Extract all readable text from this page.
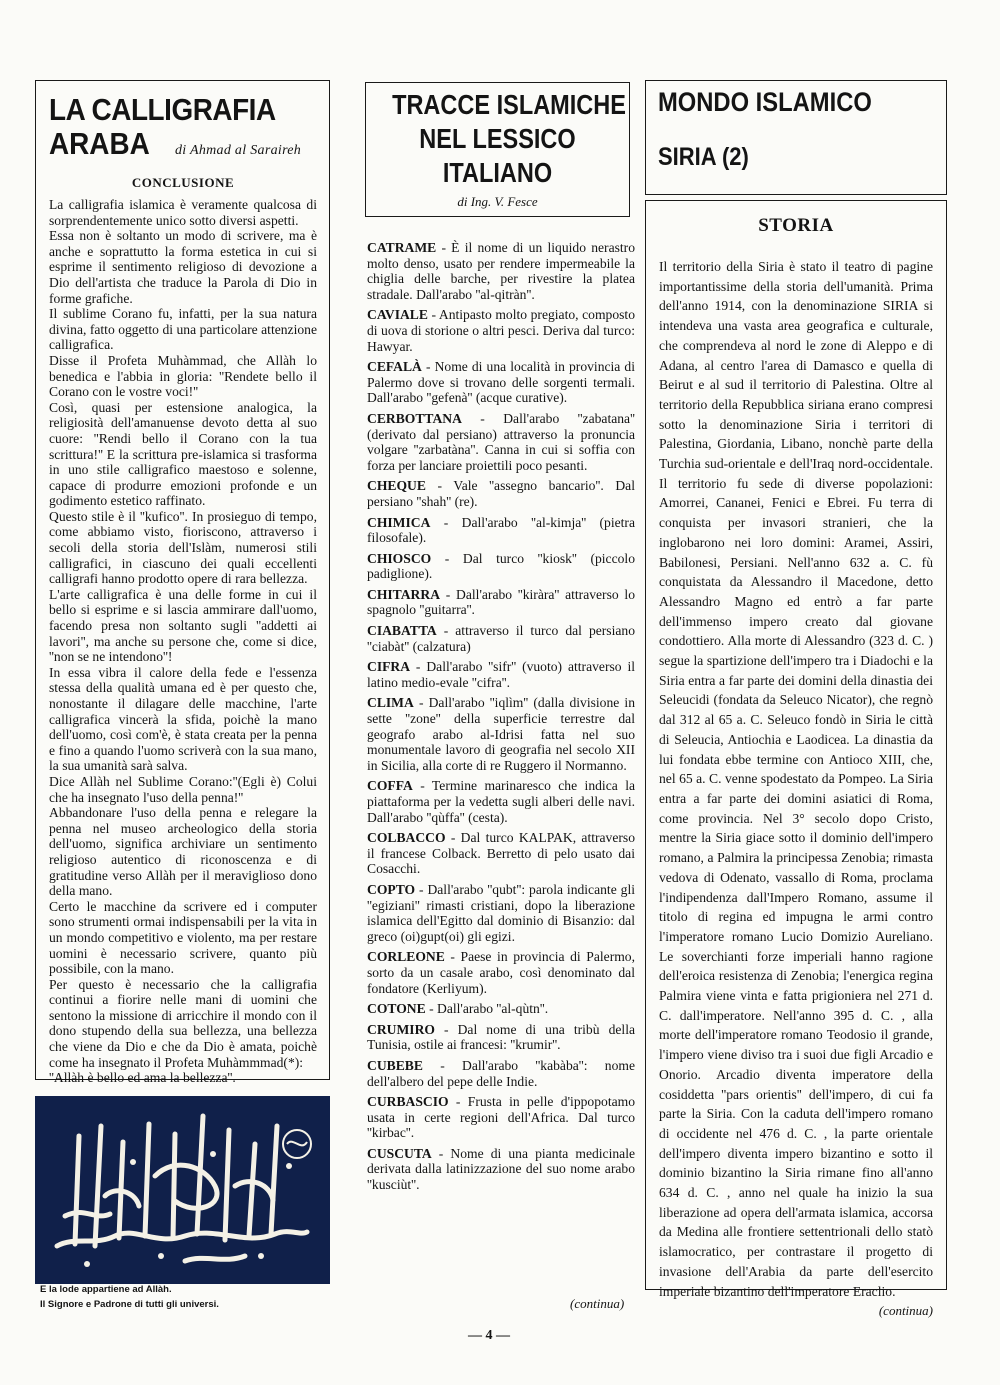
LA CALLIGRAFIA
ARABA di Ahmad al Saraireh
CONCLUSIONE

La calligrafia islamica è veramente qualcosa di sorprendentemente unico sotto diversi aspetti.

Essa non è soltanto un modo di scrivere, ma è anche e soprattutto la forma estetica in cui si esprime il sentimento religioso di devozione a Dio dell'artista che traduce la Parola di Dio in forme grafiche.

Il sublime Corano fu, infatti, per la sua natura divina, fatto oggetto di una particolare attenzione calligrafica.

Disse il Profeta Muhàmmad, che Allàh lo benedica e l'abbia in gloria: ''Rendete bello il Corano con le vostre voci!''

Così, quasi per estensione analogica, la religiosità dell'amanuense devoto detta al suo cuore: ''Rendi bello il Corano con la tua scrittura!'' E la scrittura pre-islamica si trasforma in uno stile calligrafico maestoso e solenne, capace di produrre emozioni profonde e un godimento estetico raffinato.

Questo stile è il ''kufico''. In prosieguo di tempo, come abbiamo visto, fioriscono, attraverso i secoli della storia dell'Islàm, numerosi stili calligrafici, in ciascuno dei quali eccellenti calligrafi hanno prodotto opere di rara bellezza.

L'arte calligrafica è una delle forme in cui il bello si esprime e si lascia ammirare dall'uomo, facendo presa non soltanto sugli ''addetti ai lavori'', ma anche su persone che, come si dice, ''non se ne intendono''!

In essa vibra il calore della fede e l'essenza stessa della qualità umana ed è per questo che, nonostante il dilagare delle macchine, l'arte calligrafica vincerà la sfida, poichè la mano dell'uomo, così com'è, è stata creata per la penna e fino a quando l'uomo scriverà con la sua mano, la sua umanità sarà salva.

Dice Allàh nel Sublime Corano:''(Egli è) Colui che ha insegnato l'uso della penna!''

Abbandonare l'uso della penna e relegare la penna nel museo archeologico della storia dell'uomo, significa archiviare un sentimento religioso autentico di riconoscenza e di gratitudine verso Allàh per il meraviglioso dono della mano.

Certo le macchine da scrivere ed i computer sono strumenti ormai indispensabili per la vita in un mondo competitivo e violento, ma per restare uomini è necessario scrivere, quanto più possibile, con la mano.

Per questo è necessario che la calligrafia continui a fiorire nelle mani di uomini che sentono la missione di arricchire il mondo con il dono stupendo della sua bellezza, una bellezza che viene da Dio e che da Dio è amata, poichè come ha insegnato il Profeta Muhàmmmad(*):

''Allàh è bello ed ama la bellezza''.

E la lode appartiene ad Allàh.
Il Signore e Padrone di tutti gli universi.
TRACCE ISLAMICHE
NEL LESSICO
ITALIANO
di Ing. V. Fesce

CATRAME - È il nome di un liquido nerastro molto denso, usato per rendere impermeabile la chiglia delle barche, per rivestire la platea stradale. Dall'arabo ''al-qitràn''.

CAVIALE - Antipasto molto pregiato, composto di uova di storione o altri pesci. Deriva dal turco: Hawyar.

CEFALÀ - Nome di una località in provincia di Palermo dove si trovano delle sorgenti termali. Dall'arabo ''gefenà'' (acque curative).

CERBOTTANA - Dall'arabo ''zabatana'' (derivato dal persiano) attraverso la pronuncia volgare ''zarbatàna''. Canna in cui si soffia con forza per lanciare proiettili poco pesanti.

CHEQUE - Vale ''assegno bancario''. Dal persiano ''shah'' (re).

CHIMICA - Dall'arabo ''al-kimja'' (pietra filosofale).

CHIOSCO - Dal turco ''kiosk'' (piccolo padiglione).

CHITARRA - Dall'arabo ''kiràra'' attraverso lo spagnolo ''guitarra''.

CIABATTA - attraverso il turco dal persiano ''ciabàt'' (calzatura)

CIFRA - Dall'arabo ''sifr'' (vuoto) attraverso il latino medio-evale ''cifra''.

CLIMA - Dall'arabo ''iqlìm'' (dalla divisione in sette ''zone'' della superficie terrestre dal geografo arabo al-Idrisi fatta nel suo monumentale lavoro di geografia nel secolo XII in Sicilia, alla corte di re Ruggero il Normanno.

COFFA - Termine marinaresco che indica la piattaforma per la vedetta sugli alberi delle navi. Dall'arabo ''qùffa'' (cesta).

COLBACCO - Dal turco KALPAK, attraverso il francese Colback. Berretto di pelo usato dai Cosacchi.

COPTO - Dall'arabo ''qubt'': parola indicante gli ''egiziani'' rimasti cristiani, dopo la liberazione islamica dell'Egitto dal dominio di Bisanzio: dal greco (oi)gupt(oi) gli egizi.

CORLEONE - Paese in provincia di Palermo, sorto da un casale arabo, così denominato dal fondatore (Kerliyum).

COTONE - Dall'arabo ''al-qùtn''.

CRUMIRO - Dal nome di una tribù della Tunisia, ostile ai francesi: ''krumir''.

CUBEBE - Dall'arabo ''kabàba'': nome dell'albero del pepe delle Indie.

CURBASCIO - Frusta in pelle d'ippopotamo usata in certe regioni dell'Africa. Dal turco ''kirbac''.

CUSCUTA - Nome di una pianta medicinale derivata dalla latinizzazione del suo nome arabo ''kusciùt''.

(continua)
— 4 —
MONDO ISLAMICO
SIRIA (2)
STORIA

Il territorio della Siria è stato il teatro di pagine importantissime della storia dell'umanità. Prima dell'anno 1914, con la denominazione SIRIA si intendeva una vasta area geografica e culturale, che comprendeva al nord le zone di Aleppo e di Adana, al centro l'area di Damasco e quella di Beirut e al sud il territorio di Palestina. Oltre al territorio della Repubblica siriana erano compresi sotto la denominazione Siria i territori di Palestina, Giordania, Libano, nonchè parte della Turchia sud-orientale e dell'Iraq nord-occidentale. Il territorio fu sede di diverse popolazioni: Amorrei, Cananei, Fenici e Ebrei. Fu terra di conquista per invasori stranieri, che la inglobarono nei loro domini: Aramei, Assiri, Babilonesi, Persiani. Nell'anno 632 a. C. fù conquistata da Alessandro il Macedone, detto Alessandro Magno ed entrò a far parte dell'immenso impero creato dal giovane condottiero. Alla morte di Alessandro (323 d. C. ) segue la spartizione dell'impero tra i Diadochi e la Siria entra a far parte dei domini della dinastia dei Seleucidi (fondata da Seleuco Nicator), che regnò dal 312 al 65 a. C. Seleuco fondò in Siria le città di Seleucia, Antiochia e Laodicea. La dinastia da lui fondata ebbe termine con Antioco XIII, che, nel 65 a. C. venne spodestato da Pompeo. La Siria entra a far parte dei domini asiatici di Roma, come provincia. Nel 3° secolo dopo Cristo, mentre la Siria giace sotto il dominio dell'impero romano, a Palmira la principessa Zenobia; rimasta vedova di Odenato, vassallo di Roma, proclama l'indipendenza dall'Impero Romano, assume il titolo di regina ed impugna le armi contro l'imperatore romano Lucio Domizio Aureliano. Le soverchianti forze imperiali hanno ragione dell'eroica resistenza di Zenobia; l'energica regina Palmira viene vinta e fatta prigioniera nel 271 d. C. dall'imperatore. Nell'anno 395 d. C. , alla morte dell'imperatore romano Teodosio il grande, l'impero viene diviso tra i suoi due figli Arcadio e Onorio. Arcadio diventa imperatore della cosiddetta ''pars orientis'' dell'impero, di cui fa parte la Siria. Con la caduta dell'impero romano di occidente nel 476 d. C. , la parte orientale dell'impero diventa impero bizantino e sotto il dominio bizantino la Siria rimane fino all'anno 634 d. C. , anno nel quale ha inizio la sua liberazione ad opera dell'armata islamica, accorsa da Medina alle frontiere settentrionali dello statò islamocratico, per contrastare il progetto di invasione dell'Arabia da parte dell'esercito imperiale bizantino dell'imperatore Eraclio.

(continua)
